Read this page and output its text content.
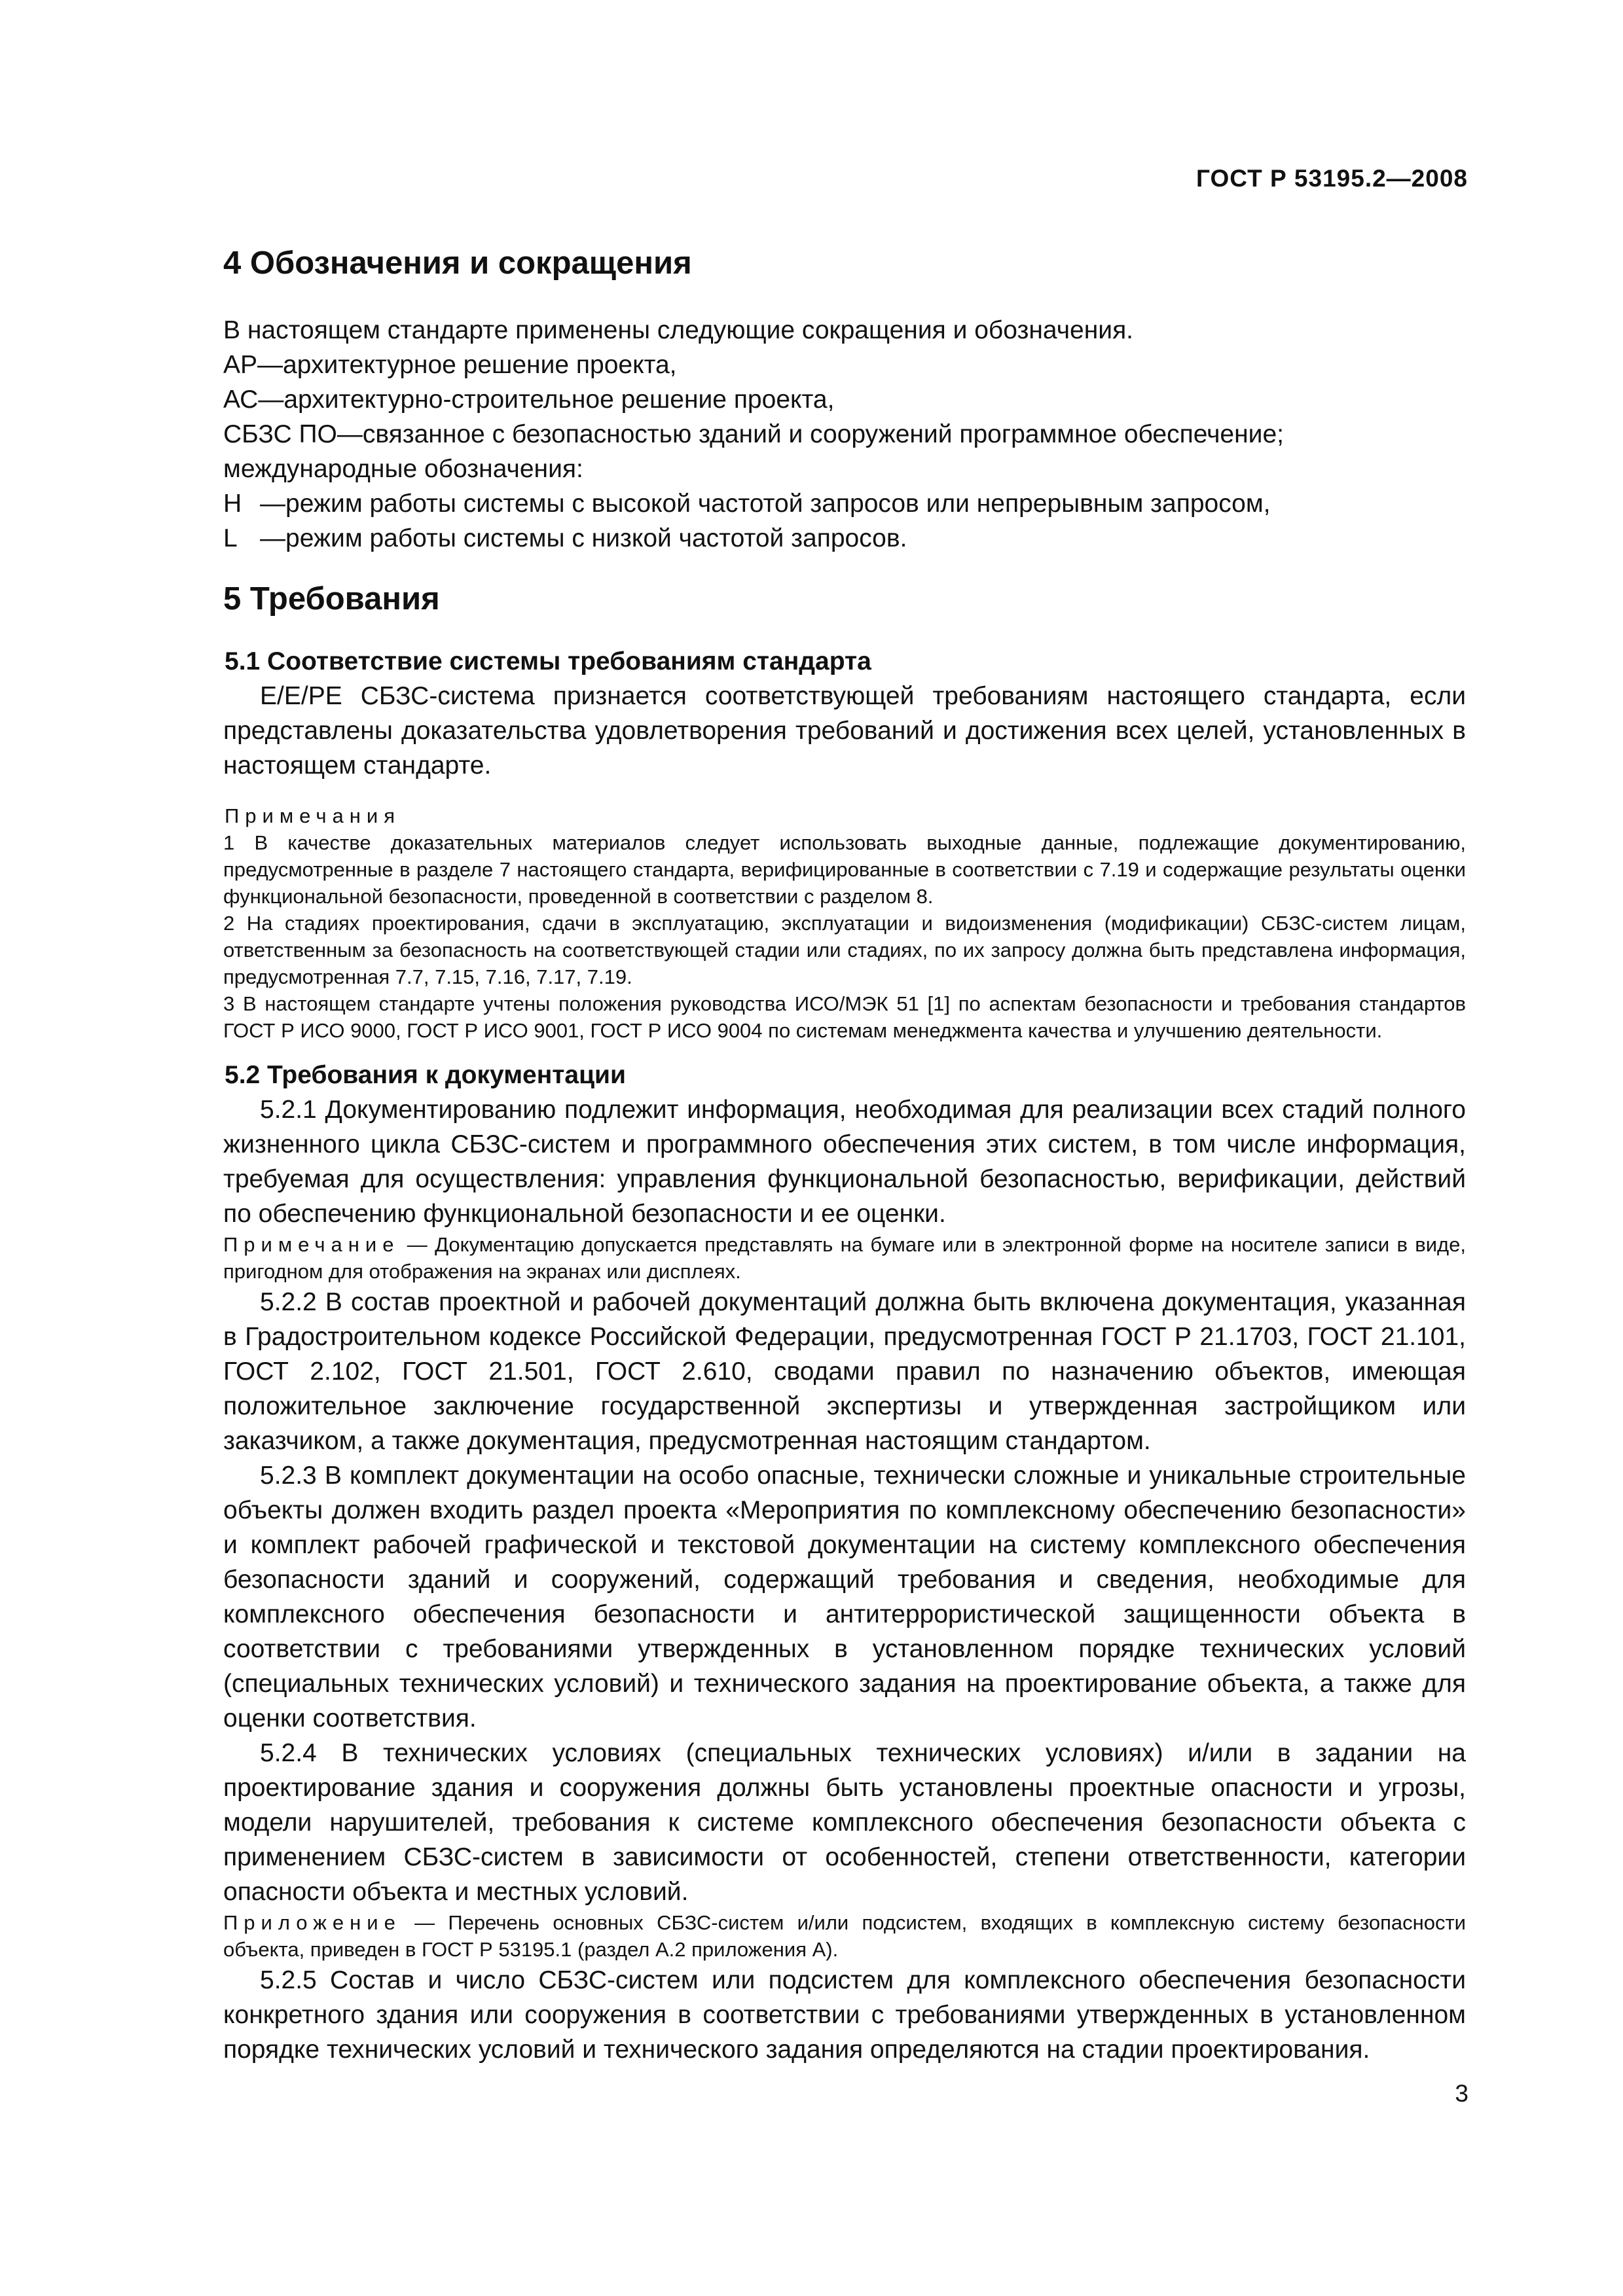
ГОСТ Р 53195.2—2008
4 Обозначения и сокращения
В настоящем стандарте применены следующие сокращения и обозначения.
АР — архитектурное решение проекта,
АС — архитектурно-строительное решение проекта,
СБЗС ПО — связанное с безопасностью зданий и сооружений программное обеспечение;
международные обозначения:
Н — режим работы системы с высокой частотой запросов или непрерывным запросом,
L — режим работы системы с низкой частотой запросов.
5 Требования
5.1 Соответствие системы требованиям стандарта

Е/Е/РЕ СБЗС-система признается соответствующей требованиям настоящего стандарта, если представлены доказательства удовлетворения требований и достижения всех целей, установленных в настоящем стандарте.

Примечания

1 В качестве доказательных материалов следует использовать выходные данные, подлежащие документированию, предусмотренные в разделе 7 настоящего стандарта, верифицированные в соответствии с 7.19 и содержащие результаты оценки функциональной безопасности, проведенной в соответствии с разделом 8.

2 На стадиях проектирования, сдачи в эксплуатацию, эксплуатации и видоизменения (модификации) СБЗС-систем лицам, ответственным за безопасность на соответствующей стадии или стадиях, по их запросу должна быть представлена информация, предусмотренная 7.7, 7.15, 7.16, 7.17, 7.19.

3 В настоящем стандарте учтены положения руководства ИСО/МЭК 51 [1] по аспектам безопасности и требования стандартов ГОСТ Р ИСО 9000, ГОСТ Р ИСО 9001, ГОСТ Р ИСО 9004 по системам менеджмента качества и улучшению деятельности.

5.2 Требования к документации

5.2.1 Документированию подлежит информация, необходимая для реализации всех стадий полного жизненного цикла СБЗС-систем и программного обеспечения этих систем, в том числе информация, требуемая для осуществления: управления функциональной безопасностью, верификации, действий по обеспечению функциональной безопасности и ее оценки.

Примечание — Документацию допускается представлять на бумаге или в электронной форме на носителе записи в виде, пригодном для отображения на экранах или дисплеях.

5.2.2 В состав проектной и рабочей документаций должна быть включена документация, указанная в Градостроительном кодексе Российской Федерации, предусмотренная ГОСТ Р 21.1703, ГОСТ 21.101, ГОСТ 2.102, ГОСТ 21.501, ГОСТ 2.610, сводами правил по назначению объектов, имеющая положительное заключение государственной экспертизы и утвержденная застройщиком или заказчиком, а также документация, предусмотренная настоящим стандартом.

5.2.3 В комплект документации на особо опасные, технически сложные и уникальные строительные объекты должен входить раздел проекта «Мероприятия по комплексному обеспечению безопасности» и комплект рабочей графической и текстовой документации на систему комплексного обеспечения безопасности зданий и сооружений, содержащий требования и сведения, необходимые для комплексного обеспечения безопасности и антитеррористической защищенности объекта в соответствии с требованиями утвержденных в установленном порядке технических условий (специальных технических условий) и технического задания на проектирование объекта, а также для оценки соответствия.

5.2.4 В технических условиях (специальных технических условиях) и/или в задании на проектирование здания и сооружения должны быть установлены проектные опасности и угрозы, модели нарушителей, требования к системе комплексного обеспечения безопасности объекта с применением СБЗС-систем в зависимости от особенностей, степени ответственности, категории опасности объекта и местных условий.

Приложение — Перечень основных СБЗС-систем и/или подсистем, входящих в комплексную систему безопасности объекта, приведен в ГОСТ Р 53195.1 (раздел А.2 приложения А).

5.2.5 Состав и число СБЗС-систем или подсистем для комплексного обеспечения безопасности конкретного здания или сооружения в соответствии с требованиями утвержденных в установленном порядке технических условий и технического задания определяются на стадии проектирования.

3
